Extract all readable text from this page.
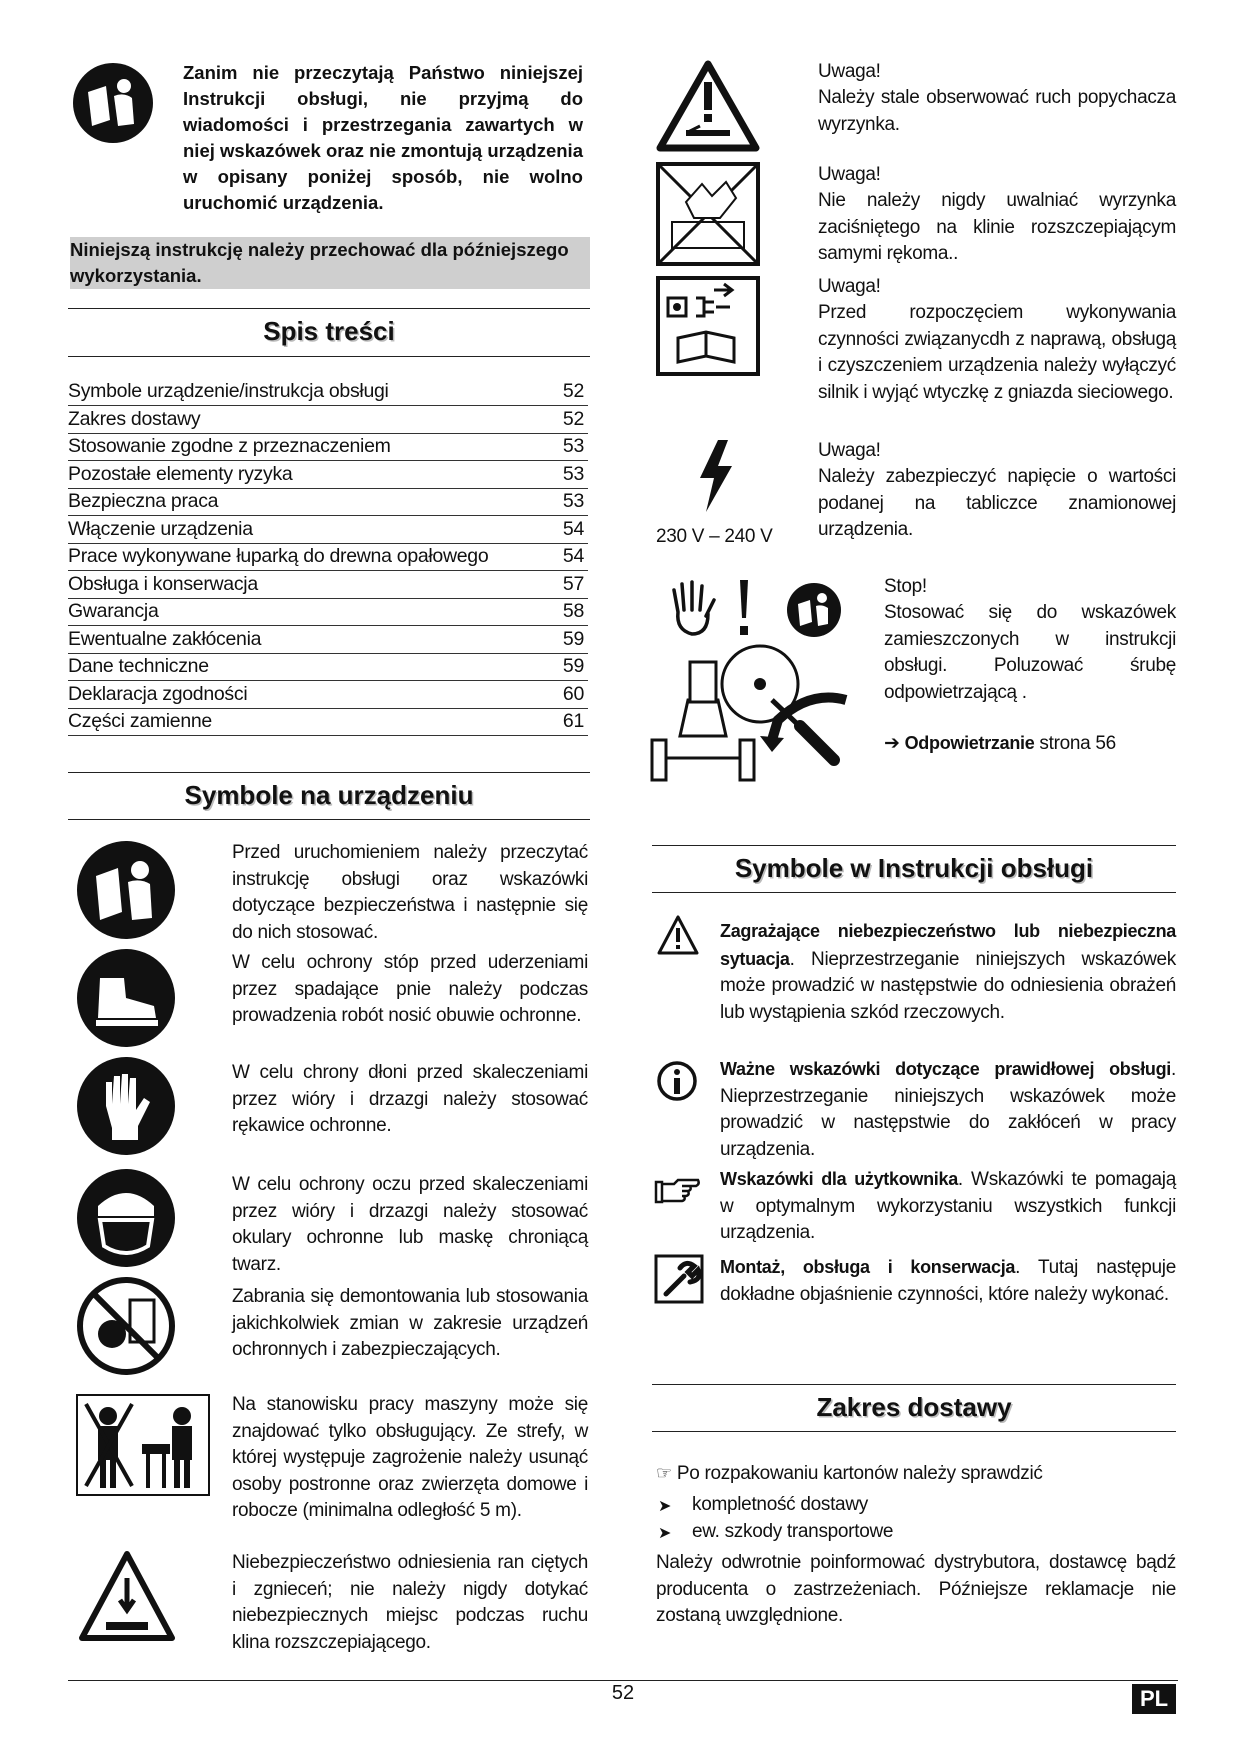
Zanim nie przeczytają Państwo niniejszej Instrukcji obsługi, nie przyjmą do wiadomości i przestrzegania zawartych w niej wskazówek oraz nie zmontują urządzenia w opisany poniżej sposób, nie wolno uruchomić urządzenia.
Niniejszą instrukcję należy przechować dla późniejszego wykorzystania.
Spis treści
Symbole urządzenie/instrukcja obsługi	52
Zakres dostawy	52
Stosowanie zgodne z przeznaczeniem	53
Pozostałe elementy ryzyka	53
Bezpieczna praca	53
Włączenie urządzenia	54
Prace wykonywane łuparką do drewna opałowego	54
Obsługa i konserwacja	57
Gwarancja	58
Ewentualne zakłócenia	59
Dane techniczne	59
Deklaracja zgodności	60
Części zamienne	61
Symbole na urządzeniu
Przed uruchomieniem należy przeczytać instrukcję obsługi oraz wskazówki dotyczące bezpieczeństwa i następnie się do nich stosować.
W celu ochrony stóp przed uderzeniami przez spadające pnie należy podczas prowadzenia robót nosić obuwie ochronne.
W celu chrony dłoni przed skaleczeniami przez wióry i drzazgi należy stosować rękawice ochronne.
W celu ochrony oczu przed skaleczeniami przez wióry i drzazgi należy stosować okulary ochronne lub maskę chroniącą twarz.
Zabrania się demontowania lub stosowania jakichkolwiek zmian w zakresie urządzeń ochronnych i zabezpieczających.
Na stanowisku pracy maszyny może się znajdować tylko obsługujący. Ze strefy, w której występuje zagrożenie należy usunąć osoby postronne oraz zwierzęta domowe i robocze (minimalna odległość 5 m).
Niebezpieczeństwo odniesienia ran ciętych i zgnieceń; nie należy nigdy dotykać niebezpiecznych miejsc podczas ruchu klina rozszczepiającego.
Uwaga!
Należy stale obserwować ruch popychacza wyrzynka.
Uwaga!
Nie należy nigdy uwalniać wyrzynka zaciśniętego na klinie rozszczepiającym samymi rękoma..
Uwaga!
Przed rozpoczęciem wykonywania czynności związanycdh z naprawą, obsługą i czyszczeniem urządzenia należy wyłączyć silnik i wyjąć wtyczkę z gniazda sieciowego.
230 V – 240 V
Uwaga!
Należy zabezpieczyć napięcie o wartości podanej na tabliczce znamionowej urządzenia.
Stop!
Stosować się do wskazówek zamieszczonych w instrukcji obsługi. Poluzować śrubę odpowietrzającą .
➔ Odpowietrzanie strona 56
Symbole w Instrukcji obsługi
Zagrażające niebezpieczeństwo lub niebezpieczna sytuacja. Nieprzestrzeganie niniejszych wskazówek może prowadzić w następstwie do odniesienia obrażeń lub wystąpienia szkód rzeczowych.
Ważne wskazówki dotyczące prawidłowej obsługi. Nieprzestrzeganie niniejszych wskazówek może prowadzić w następstwie do zakłóceń w pracy urządzenia.
Wskazówki dla użytkownika. Wskazówki te pomagają w optymalnym wykorzystaniu wszystkich funkcji urządzenia.
Montaż, obsługa i konserwacja. Tutaj następuje dokładne objaśnienie czynności, które należy wykonać.
Zakres dostawy
☞ Po rozpakowaniu kartonów należy sprawdzić
➤ kompletność dostawy
➤ ew. szkody transportowe
Należy odwrotnie poinformować dystrybutora, dostawcę bądź producenta o zastrzeżeniach. Późniejsze reklamacje nie zostaną uwzględnione.
52	PL
